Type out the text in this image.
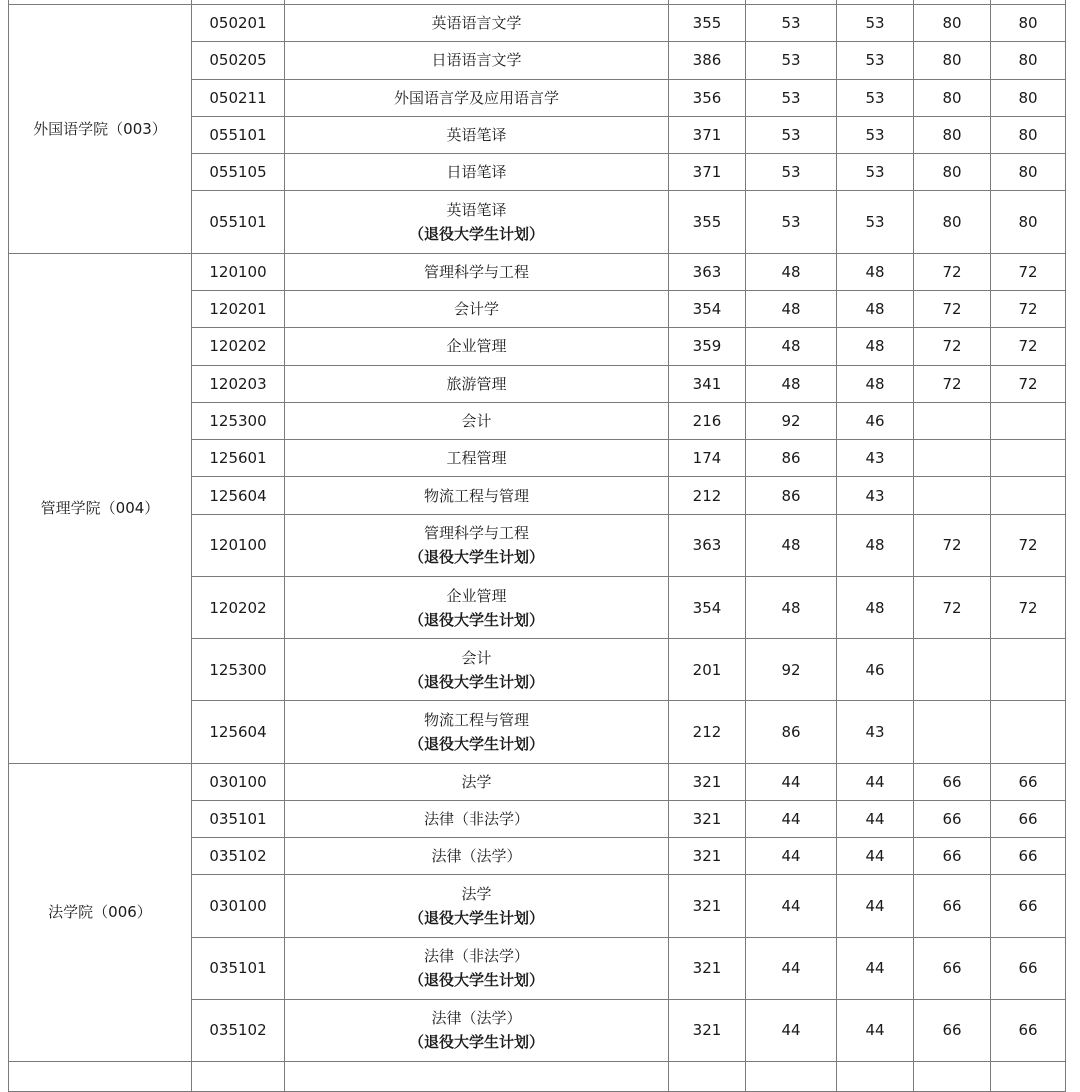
外国语学院（003）	050201	英语语言文学	355	53	53	80	80
	050205	日语语言文学	386	53	53	80	80
	050211	外国语言学及应用语言学	356	53	53	80	80
	055101	英语笔译	371	53	53	80	80
	055105	日语笔译	371	53	53	80	80
	055101	英语笔译
（退役大学生计划）	355	53	53	80	80
管理学院（004）	120100	管理科学与工程	363	48	48	72	72
	120201	会计学	354	48	48	72	72
	120202	企业管理	359	48	48	72	72
	120203	旅游管理	341	48	48	72	72
	125300	会计	216	92	46		
	125601	工程管理	174	86	43		
	125604	物流工程与管理	212	86	43		
	120100	管理科学与工程
（退役大学生计划）	363	48	48	72	72
	120202	企业管理
（退役大学生计划）	354	48	48	72	72
	125300	会计
（退役大学生计划）	201	92	46		
	125604	物流工程与管理
（退役大学生计划）	212	86	43		
法学院（006）	030100	法学	321	44	44	66	66
	035101	法律（非法学）	321	44	44	66	66
	035102	法律（法学）	321	44	44	66	66
	030100	法学
（退役大学生计划）	321	44	44	66	66
	035101	法律（非法学）
（退役大学生计划）	321	44	44	66	66
	035102	法律（法学）
（退役大学生计划）	321	44	44	66	66
